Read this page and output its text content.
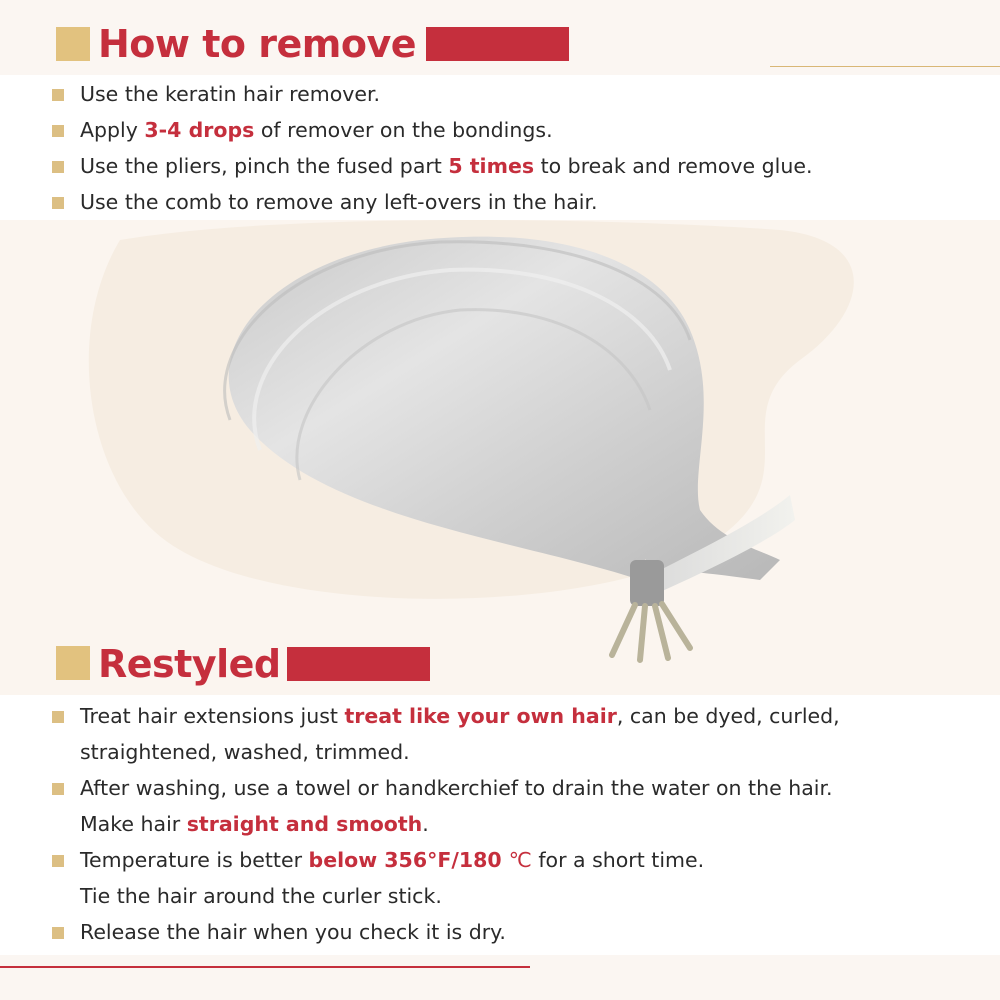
How to remove
Use the keratin hair remover.
Apply 3-4 drops of remover on the bondings.
Use the pliers, pinch the fused part 5 times to break and remove glue.
Use the comb to remove any left-overs in the hair.
Restyled
Treat hair extensions just treat like your own hair, can be dyed, curled,
straightened, washed, trimmed.
After washing, use a towel or handkerchief to drain the water on the hair.
Make hair straight and smooth.
Temperature is better below 356°F/180 ℃ for a short time.
Tie the hair around the curler stick.
Release the hair when you check it is dry.
